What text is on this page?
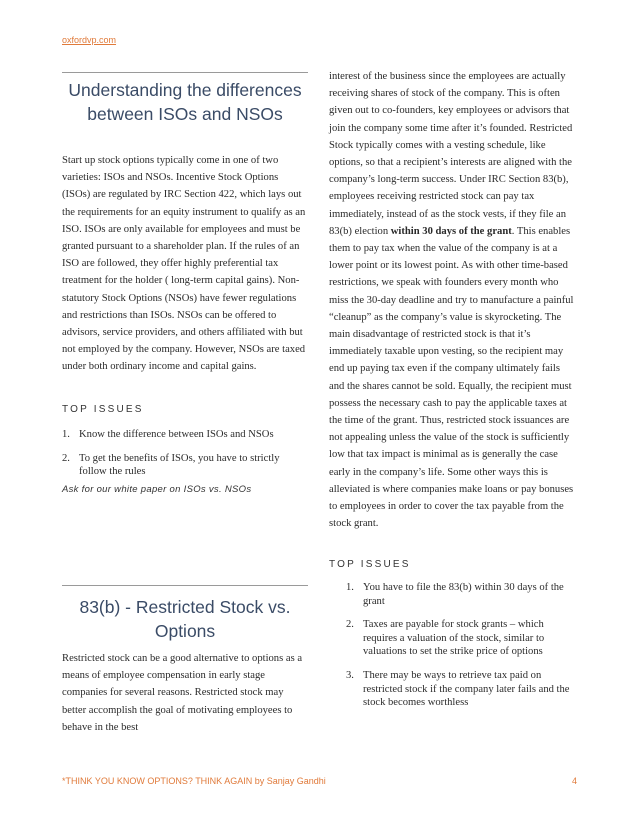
oxfordvp.com
Understanding the differences
between ISOs and NSOs
Start up stock options typically come in one of two varieties: ISOs and NSOs. Incentive Stock Options (ISOs) are regulated by IRC Section 422, which lays out the requirements for an equity instrument to qualify as an ISO. ISOs are only available for employees and must be granted pursuant to a shareholder plan. If the rules of an ISO are followed, they offer highly preferential tax treatment for the holder ( long-term capital gains). Non-statutory Stock Options (NSOs) have fewer regulations and restrictions than ISOs. NSOs can be offered to advisors, service providers, and others affiliated with but not employed by the company. However, NSOs are taxed under both ordinary income and capital gains.
TOP ISSUES
1. Know the difference between ISOs and NSOs
2. To get the benefits of ISOs, you have to strictly follow the rules
Ask for our white paper on ISOs vs. NSOs
83(b) - Restricted Stock vs.
Options
Restricted stock can be a good alternative to options as a means of employee compensation in early stage companies for several reasons. Restricted stock may better accomplish the goal of motivating employees to behave in the best
interest of the business since the employees are actually receiving shares of stock of the company. This is often given out to co-founders, key employees or advisors that join the company some time after it’s founded. Restricted Stock typically comes with a vesting schedule, like options, so that a recipient’s interests are aligned with the company’s long-term success. Under IRC Section 83(b), employees receiving restricted stock can pay tax immediately, instead of as the stock vests, if they file an 83(b) election within 30 days of the grant. This enables them to pay tax when the value of the company is at a lower point or its lowest point. As with other time-based restrictions, we speak with founders every month who miss the 30-day deadline and try to manufacture a painful “cleanup” as the company’s value is skyrocketing. The main disadvantage of restricted stock is that it’s immediately taxable upon vesting, so the recipient may end up paying tax even if the company ultimately fails and the shares cannot be sold. Equally, the recipient must possess the necessary cash to pay the applicable taxes at the time of the grant. Thus, restricted stock issuances are not appealing unless the value of the stock is sufficiently low that tax impact is minimal as is generally the case early in the company’s life. Some other ways this is alleviated is where companies make loans or pay bonuses to employees in order to cover the tax payable from the stock grant.
TOP ISSUES
1. You have to file the 83(b) within 30 days of the grant
2. Taxes are payable for stock grants – which requires a valuation of the stock, similar to valuations to set the strike price of options
3. There may be ways to retrieve tax paid on restricted stock if the company later fails and the stock becomes worthless
*THINK YOU KNOW OPTIONS? THINK AGAIN by Sanjay Gandhi	4
